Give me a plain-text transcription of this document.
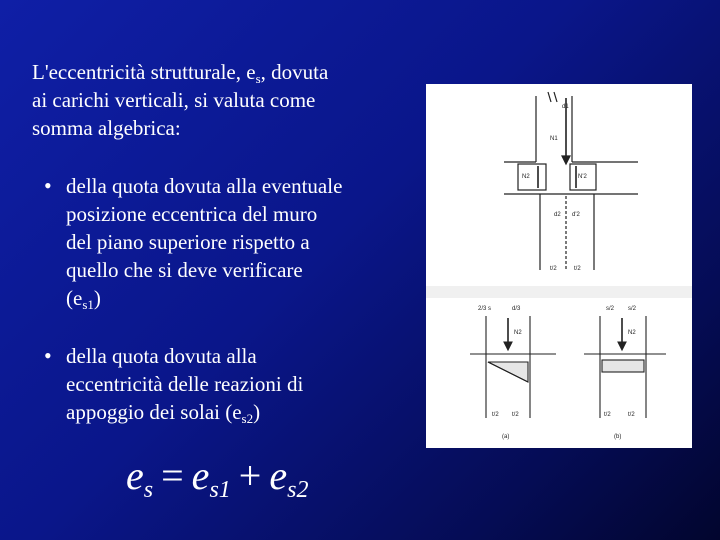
L'eccentricità strutturale, $e_s$, dovuta
ai carichi verticali, si valuta come
somma algebrica:
• della quota dovuta alla eventuale
posizione eccentrica del muro
del piano superiore rispetto a
quello che si deve verificare
$(e_{s1})$
• della quota dovuta alla
eccentricità delle reazioni di
appoggio dei solai $(e_{s2})$
$e_s = e_{s1} + e_{s2}$
d1
N1
N2	N'2
d2 d'2
t/2	t/2
2/3 s	d/3
N2
t/2 t/2
(a)
s/2 s/2
N2
t/2	t/2
(b)
